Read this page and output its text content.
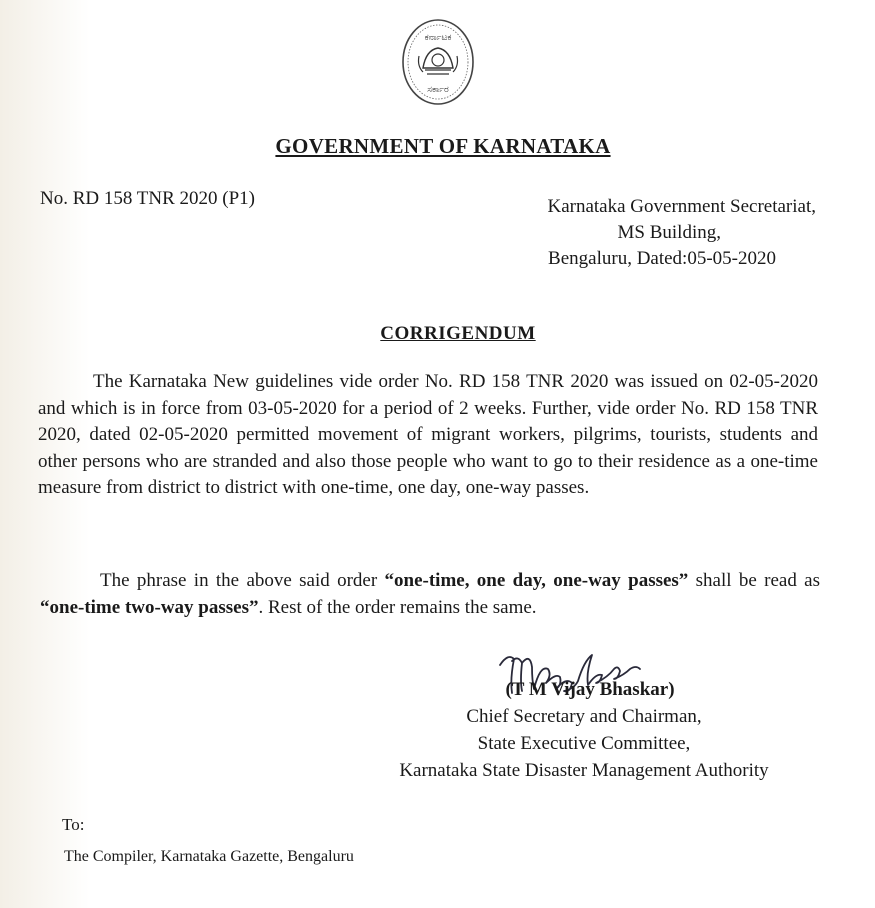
ಕರ್ನಾಟಕ
ಸರ್ಕಾರ
GOVERNMENT OF KARNATAKA
No. RD 158 TNR 2020 (P1)	Karnataka Government Secretariat,
MS Building,
Bengaluru, Dated:05-05-2020
CORRIGENDUM
The Karnataka New guidelines vide order No. RD 158 TNR 2020 was issued on 02-05-2020 and which is in force from 03-05-2020 for a period of 2 weeks. Further, vide order No. RD 158 TNR 2020, dated 02-05-2020 permitted movement of migrant workers, pilgrims, tourists, students and other persons who are stranded and also those people who want to go to their residence as a one-time measure from district to district with one-time, one day, one-way passes.
The phrase in the above said order “one-time, one day, one-way passes” shall be read as “one-time two-way passes”. Rest of the order remains the same.
(T M Vijay Bhaskar)
Chief Secretary and Chairman,
State Executive Committee,
Karnataka State Disaster Management Authority
To:
The Compiler, Karnataka Gazette, Bengaluru
